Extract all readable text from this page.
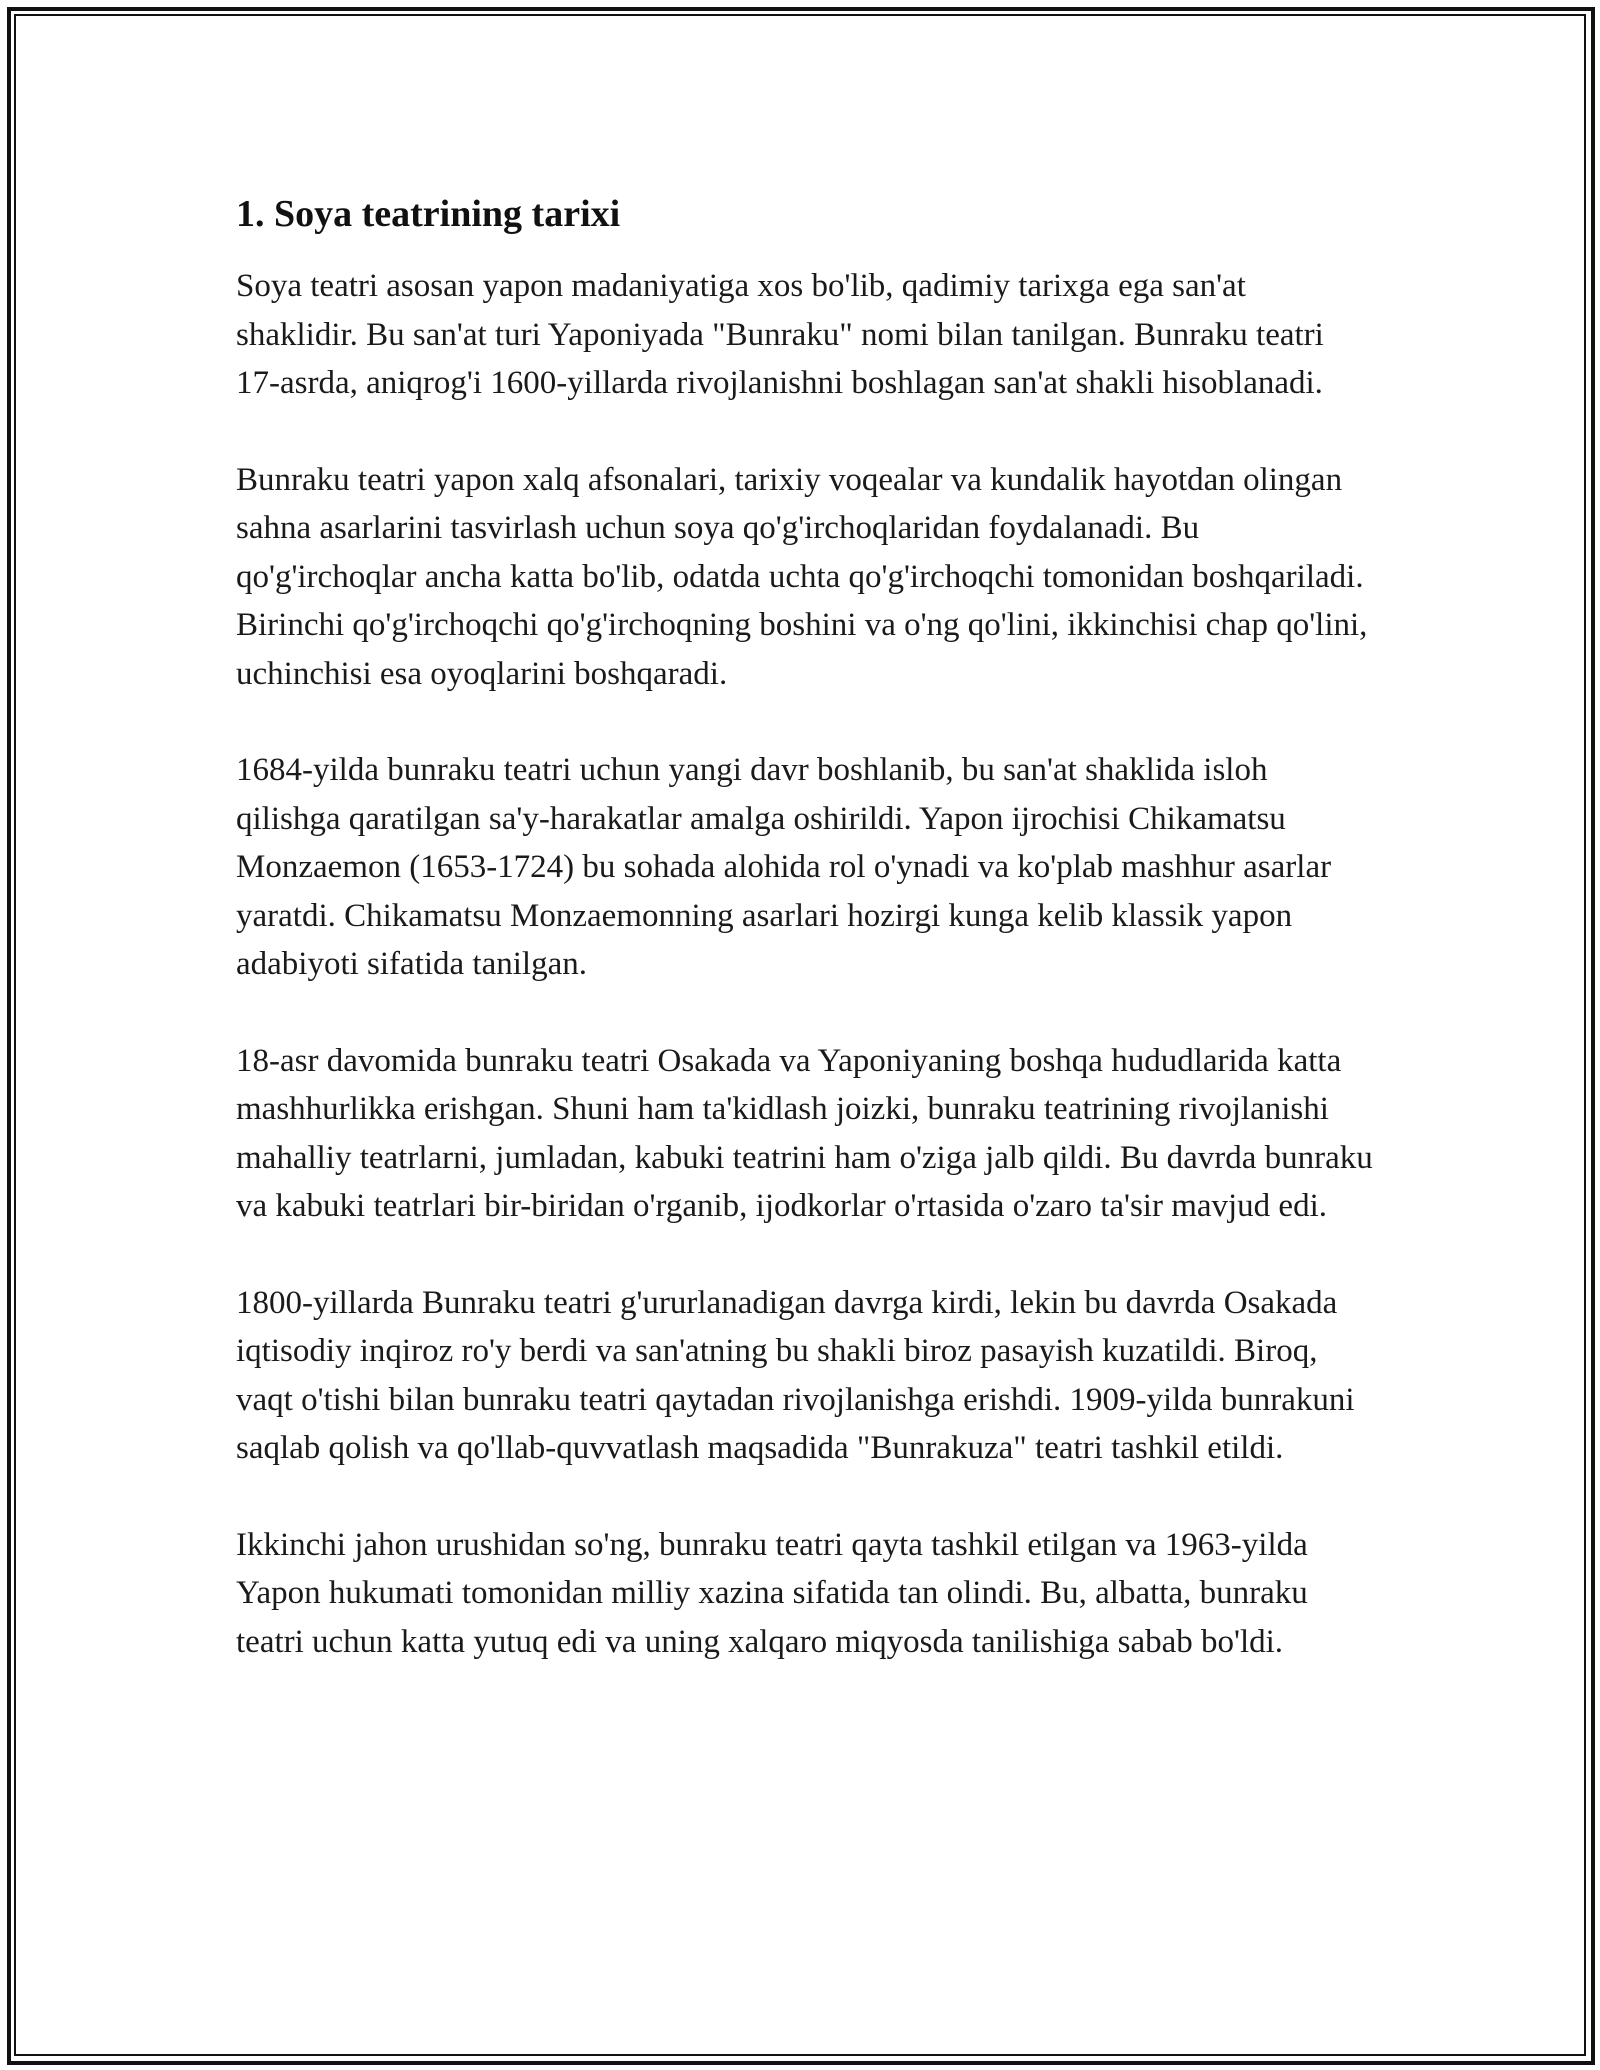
1. Soya teatrining tarixi

Soya teatri asosan yapon madaniyatiga xos bo'lib, qadimiy tarixga ega san'at shaklidir. Bu san'at turi Yaponiyada "Bunraku" nomi bilan tanilgan. Bunraku teatri 17-asrda, aniqrog'i 1600-yillarda rivojlanishni boshlagan san'at shakli hisoblanadi.

Bunraku teatri yapon xalq afsonalari, tarixiy voqealar va kundalik hayotdan olingan sahna asarlarini tasvirlash uchun soya qo'g'irchoqlaridan foydalanadi. Bu qo'g'irchoqlar ancha katta bo'lib, odatda uchta qo'g'irchoqchi tomonidan boshqariladi. Birinchi qo'g'irchoqchi qo'g'irchoqning boshini va o'ng qo'lini, ikkinchisi chap qo'lini, uchinchisi esa oyoqlarini boshqaradi.

1684-yilda bunraku teatri uchun yangi davr boshlanib, bu san'at shaklida isloh qilishga qaratilgan sa'y-harakatlar amalga oshirildi. Yapon ijrochisi Chikamatsu Monzaemon (1653-1724) bu sohada alohida rol o'ynadi va ko'plab mashhur asarlar yaratdi. Chikamatsu Monzaemonning asarlari hozirgi kunga kelib klassik yapon adabiyoti sifatida tanilgan.

18-asr davomida bunraku teatri Osakada va Yaponiyaning boshqa hududlarida katta mashhurlikka erishgan. Shuni ham ta'kidlash joizki, bunraku teatrining rivojlanishi mahalliy teatrlarni, jumladan, kabuki teatrini ham o'ziga jalb qildi. Bu davrda bunraku va kabuki teatrlari bir-biridan o'rganib, ijodkorlar o'rtasida o'zaro ta'sir mavjud edi.

1800-yillarda Bunraku teatri g'ururlanadigan davrga kirdi, lekin bu davrda Osakada iqtisodiy inqiroz ro'y berdi va san'atning bu shakli biroz pasayish kuzatildi. Biroq, vaqt o'tishi bilan bunraku teatri qaytadan rivojlanishga erishdi. 1909-yilda bunrakuni saqlab qolish va qo'llab-quvvatlash maqsadida "Bunrakuza" teatri tashkil etildi.

Ikkinchi jahon urushidan so'ng, bunraku teatri qayta tashkil etilgan va 1963-yilda Yapon hukumati tomonidan milliy xazina sifatida tan olindi. Bu, albatta, bunraku teatri uchun katta yutuq edi va uning xalqaro miqyosda tanilishiga sabab bo'ldi.
